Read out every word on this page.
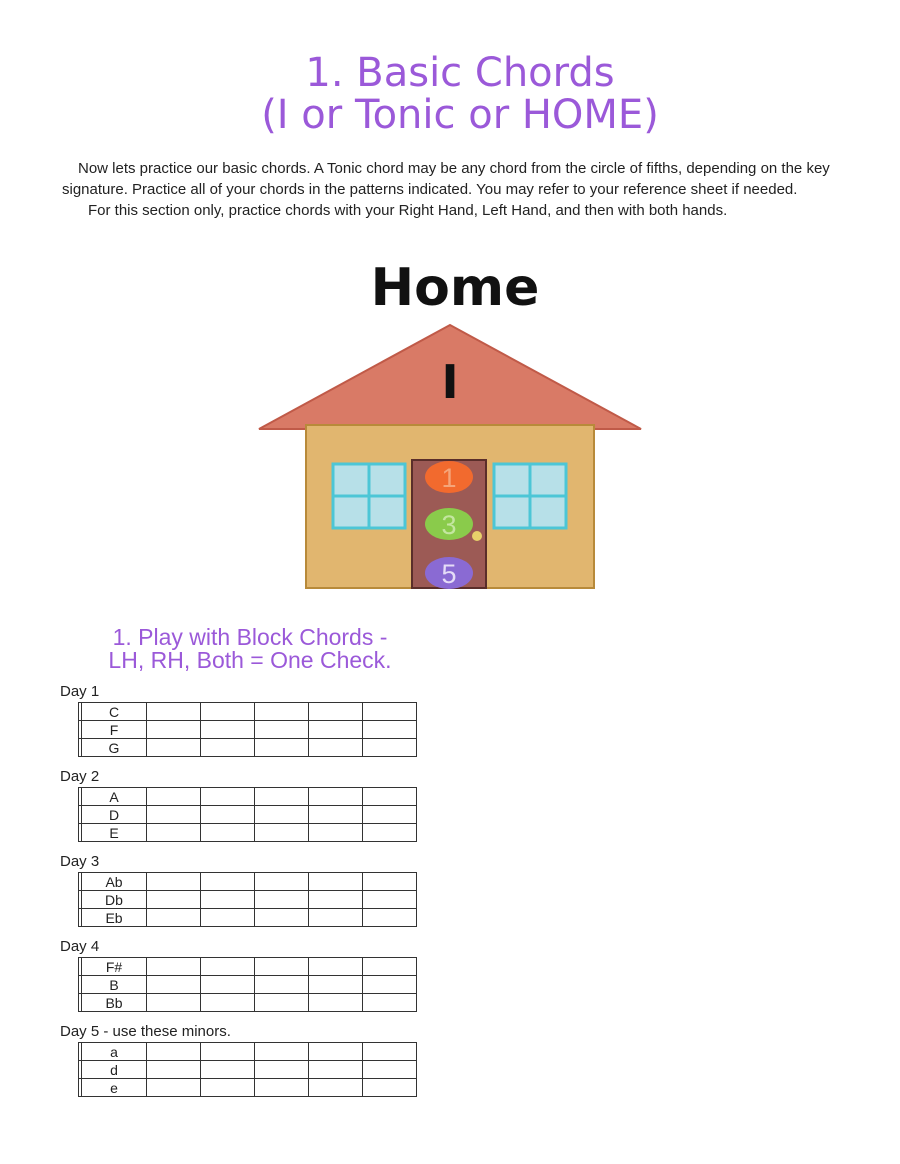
1. Basic Chords
(I or Tonic or HOME)

Now lets practice our basic chords. A Tonic chord may be any chord from the circle of fifths, depending on the key signature. Practice all of your chords in the patterns indicated. You may refer to your reference sheet if needed.

For this section only, practice chords with your Right Hand, Left Hand, and then with both hands.

Home
I
1
3
5
1. Play with Block Chords -
LH, RH, Both = One Check.
Day 1
	C					
	F					
	G					
Day 2
	A					
	D					
	E					
Day 3
	Ab					
	Db					
	Eb					
Day 4
	F#					
	B					
	Bb					
Day 5 - use these minors.
	a					
	d					
	e					
